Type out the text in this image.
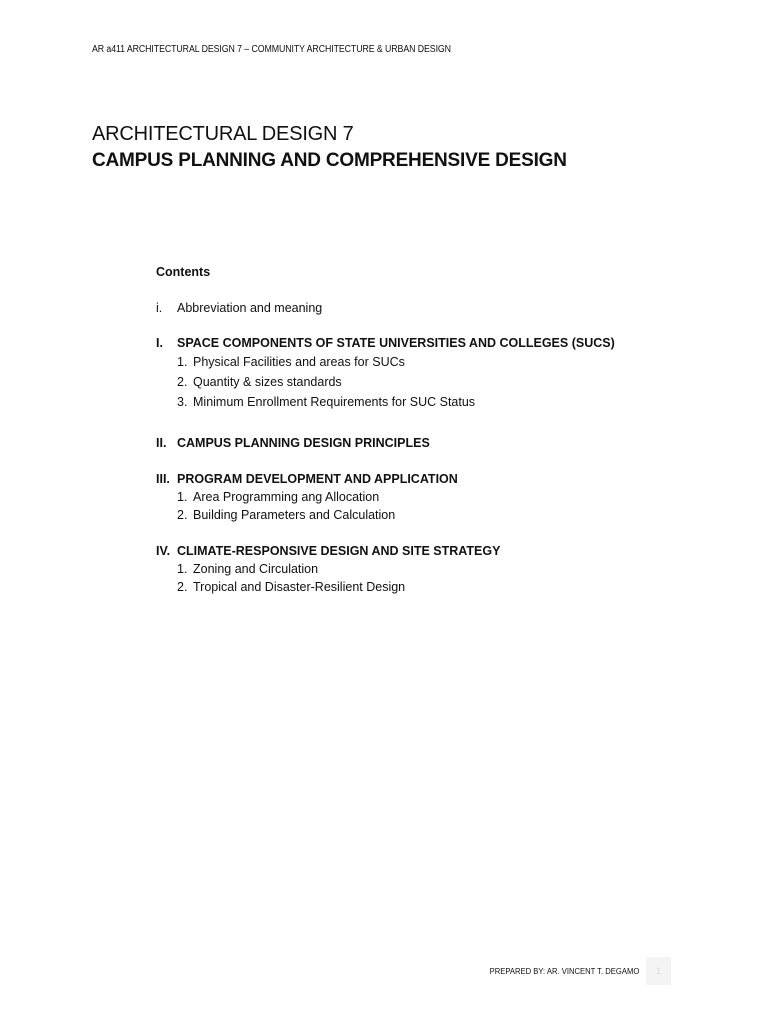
AR a411 ARCHITECTURAL DESIGN 7 – COMMUNITY ARCHITECTURE & URBAN DESIGN
ARCHITECTURAL DESIGN 7
CAMPUS PLANNING AND COMPREHENSIVE DESIGN
Contents
i.	Abbreviation and meaning
I.	SPACE COMPONENTS OF STATE UNIVERSITIES AND COLLEGES (SUCS)
1. Physical Facilities and areas for SUCs
2. Quantity & sizes standards
3. Minimum Enrollment Requirements for SUC Status
II. CAMPUS PLANNING DESIGN PRINCIPLES
III. PROGRAM DEVELOPMENT AND APPLICATION
1. Area Programming ang Allocation
2. Building Parameters and Calculation
IV. CLIMATE-RESPONSIVE DESIGN AND SITE STRATEGY
1. Zoning and Circulation
2. Tropical and Disaster-Resilient Design
PREPARED BY: AR. VINCENT T. DEGAMO	1
